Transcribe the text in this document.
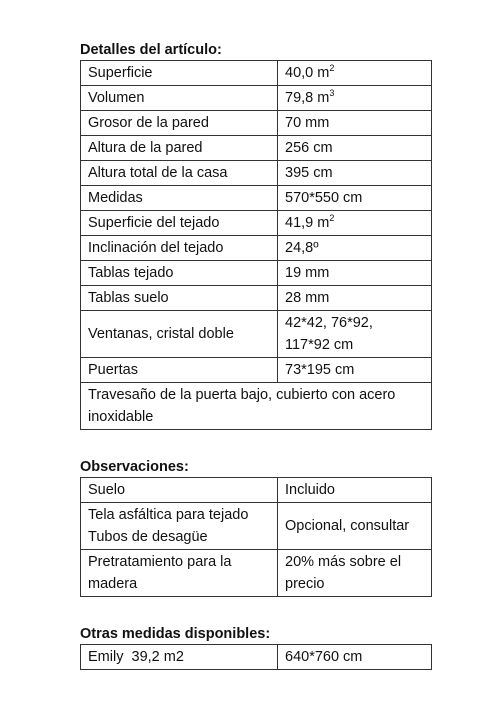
Detalles del artículo:
Superficie	40,0 $m^2$
Volumen	79,8 $m^3$
Grosor de la pared	70 mm
Altura de la pared	256 cm
Altura total de la casa	395 cm
Medidas	570*550 cm
Superficie del tejado	41,9 $m^2$
Inclinación del tejado	24,8º
Tablas tejado	19 mm
Tablas suelo	28 mm
Ventanas, cristal doble	42*42, 76*92,
117*92 cm

Puertas	73*195 cm

Travesaño de la puerta bajo, cubierto con acero
inoxidable	
Observaciones:
Suelo	Incluido

Tela asfáltica para tejado
Tubos de desagüe	Opcional, consultar

Pretratamiento para la
madera	20% más sobre el
precio
Otras medidas disponibles:
Emily  39,2 m2	640*760 cm
